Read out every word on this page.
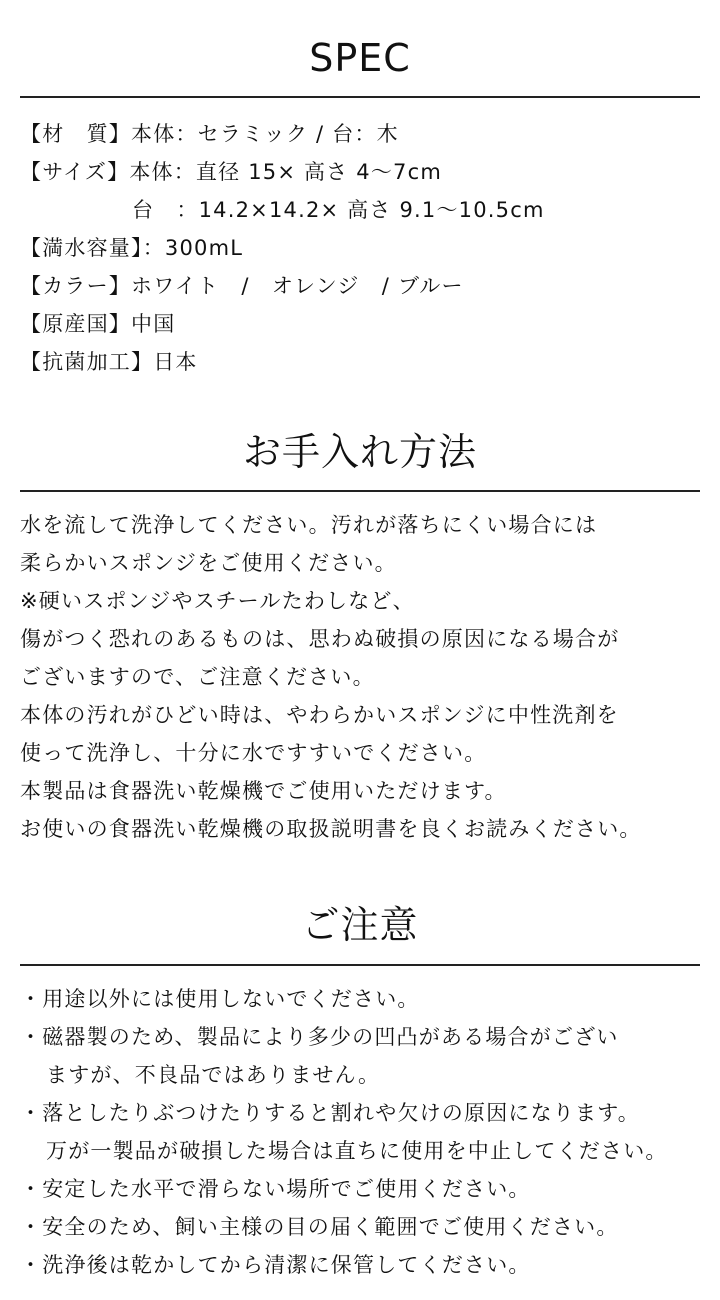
SPEC
【材　質】本体：セラミック / 台：木
【サイズ】本体：直径 15× 高さ 4〜7cm
台　：14.2×14.2× 高さ 9.1〜10.5cm
【満水容量】：300mL
【カラー】ホワイト　/　オレンジ　/ ブルー
【原産国】中国
【抗菌加工】日本
お手入れ方法
水を流して洗浄してください。汚れが落ちにくい場合には
柔らかいスポンジをご使用ください。
※硬いスポンジやスチールたわしなど、
傷がつく恐れのあるものは、思わぬ破損の原因になる場合が
ございますので、ご注意ください。
本体の汚れがひどい時は、やわらかいスポンジに中性洗剤を
使って洗浄し、十分に水ですすいでください。
本製品は食器洗い乾燥機でご使用いただけます。
お使いの食器洗い乾燥機の取扱説明書を良くお読みください。
ご注意
・用途以外には使用しないでください。
・磁器製のため、製品により多少の凹凸がある場合がござい
ますが、不良品ではありません。
・落としたりぶつけたりすると割れや欠けの原因になります。
万が一製品が破損した場合は直ちに使用を中止してください。
・安定した水平で滑らない場所でご使用ください。
・安全のため、飼い主様の目の届く範囲でご使用ください。
・洗浄後は乾かしてから清潔に保管してください。
